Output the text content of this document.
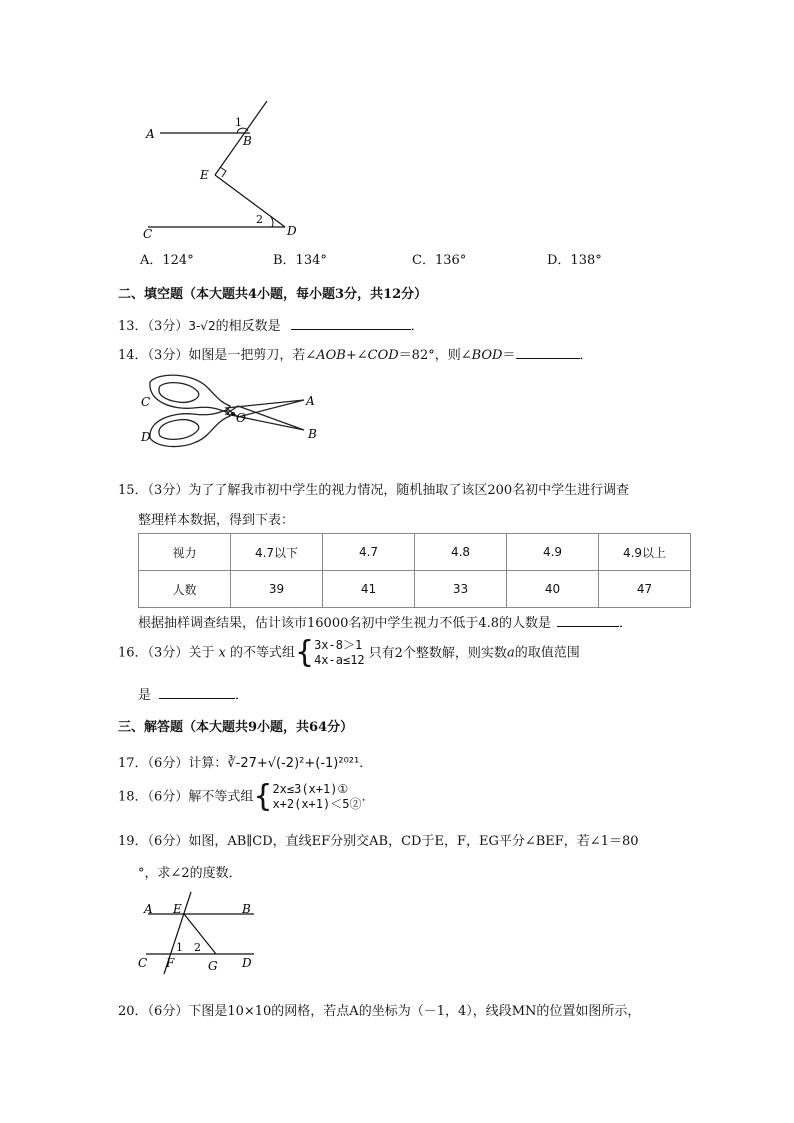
A
1
B
E
2
C	D
A．124°	B．134°	C．136°	D．138°
二、填空题（本大题共4小题，每小题3分，共12分）
13．（3分）3-√2的相反数是	．
14．（3分）如图是一把剪刀，若∠AOB+∠COD＝82°，则∠BOD＝	．
C
D
O
A
B
15．（3分）为了了解我市初中学生的视力情况，随机抽取了该区200名初中学生进行调查
整理样本数据，得到下表：
视力	4.7以下	4.7	4.8	4.9	4.9以上
人数	39	41	33	40	47
根据抽样调查结果，估计该市16000名初中学生视力不低于4.8的人数是	．
16．（3分）关于 x 的不等式组 { 3x-8＞1
4x-a≤12 只有2个整数解，则实数a的取值范围
是	．
三、解答题（本大题共9小题，共64分）
17．（6分）计算：∛-27+√(-2)²+(-1)²⁰²¹．
18．（6分）解不等式组 { 2x≤3(x+1)①
x+2(x+1)＜5② ．
19．（6分）如图，AB∥CD，直线EF分别交AB，CD于E，F，EG平分∠BEF，若∠1＝80
°，求∠2的度数．
A E	B
1 2
C F	G D
20．（6分）下图是10×10的网格，若点A的坐标为（－1，4），线段MN的位置如图所示，
